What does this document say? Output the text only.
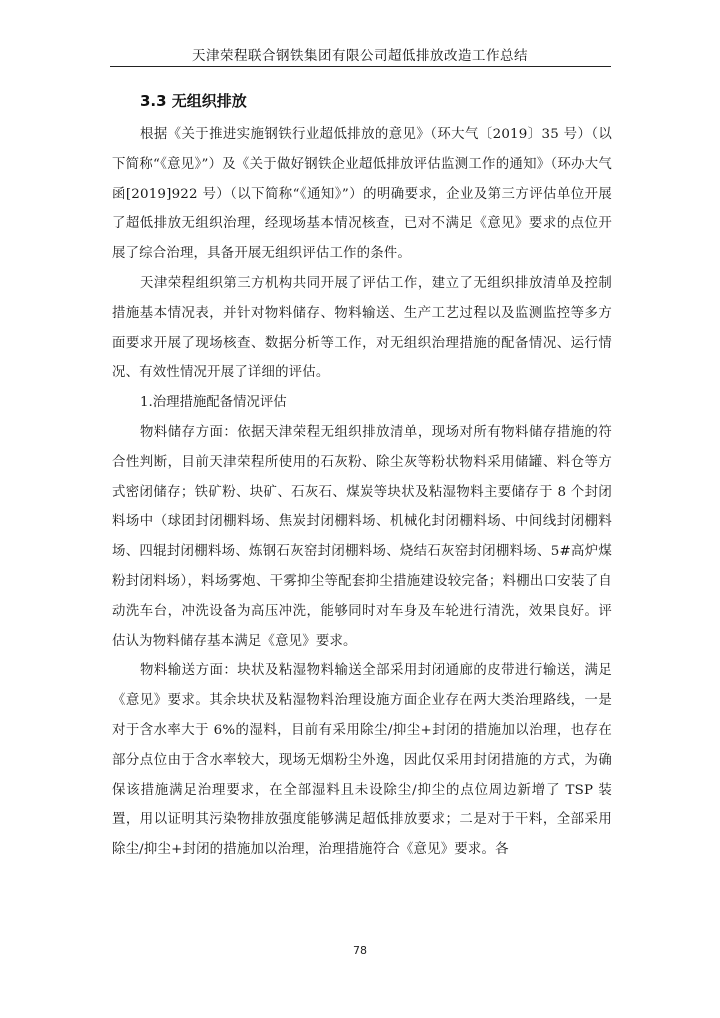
天津荣程联合钢铁集团有限公司超低排放改造工作总结
3.3 无组织排放

根据《关于推进实施钢铁行业超低排放的意见》（环大气〔2019〕35 号）（以下简称“《意见》”）及《关于做好钢铁企业超低排放评估监测工作的通知》（环办大气函[2019]922 号）（以下简称“《通知》”）的明确要求，企业及第三方评估单位开展了超低排放无组织治理，经现场基本情况核查，已对不满足《意见》要求的点位开展了综合治理，具备开展无组织评估工作的条件。

天津荣程组织第三方机构共同开展了评估工作，建立了无组织排放清单及控制措施基本情况表，并针对物料储存、物料输送、生产工艺过程以及监测监控等多方面要求开展了现场核查、数据分析等工作，对无组织治理措施的配备情况、运行情况、有效性情况开展了详细的评估。

1.治理措施配备情况评估

物料储存方面：依据天津荣程无组织排放清单，现场对所有物料储存措施的符合性判断，目前天津荣程所使用的石灰粉、除尘灰等粉状物料采用储罐、料仓等方式密闭储存；铁矿粉、块矿、石灰石、煤炭等块状及粘湿物料主要储存于 8 个封闭料场中（球团封闭棚料场、焦炭封闭棚料场、机械化封闭棚料场、中间线封闭棚料场、四辊封闭棚料场、炼钢石灰窑封闭棚料场、烧结石灰窑封闭棚料场、5#高炉煤粉封闭料场），料场雾炮、干雾抑尘等配套抑尘措施建设较完备；料棚出口安装了自动洗车台，冲洗设备为高压冲洗，能够同时对车身及车轮进行清洗，效果良好。评估认为物料储存基本满足《意见》要求。

物料输送方面：块状及粘湿物料输送全部采用封闭通廊的皮带进行输送，满足《意见》要求。其余块状及粘湿物料治理设施方面企业存在两大类治理路线，一是对于含水率大于 6%的湿料，目前有采用除尘/抑尘+封闭的措施加以治理，也存在部分点位由于含水率较大，现场无烟粉尘外逸，因此仅采用封闭措施的方式，为确保该措施满足治理要求，在全部湿料且未设除尘/抑尘的点位周边新增了 TSP 装置，用以证明其污染物排放强度能够满足超低排放要求；二是对于干料，全部采用除尘/抑尘+封闭的措施加以治理，治理措施符合《意见》要求。各

78
